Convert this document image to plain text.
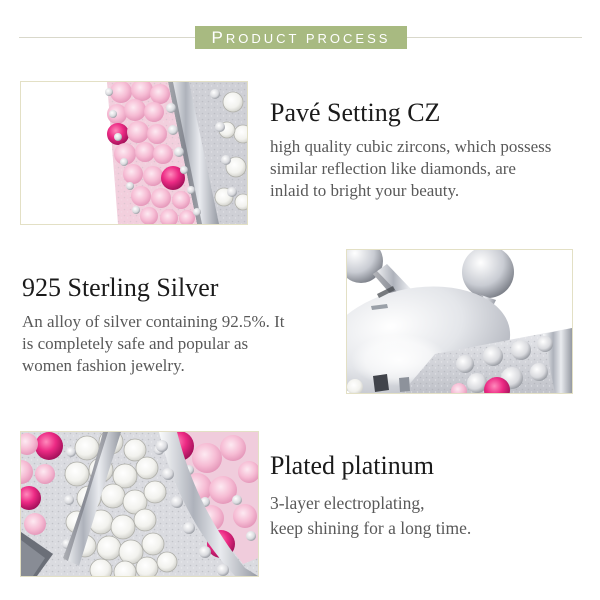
PRODUCT PROCESS
Pavé Setting CZ
high quality cubic zircons, which possess
similar reflection like diamonds, are
inlaid to bright your beauty.
925 Sterling Silver
An alloy of silver containing 92.5%. It
is completely safe and popular as
women fashion jewelry.
Plated platinum
3-layer electroplating,
keep shining for a long time.
